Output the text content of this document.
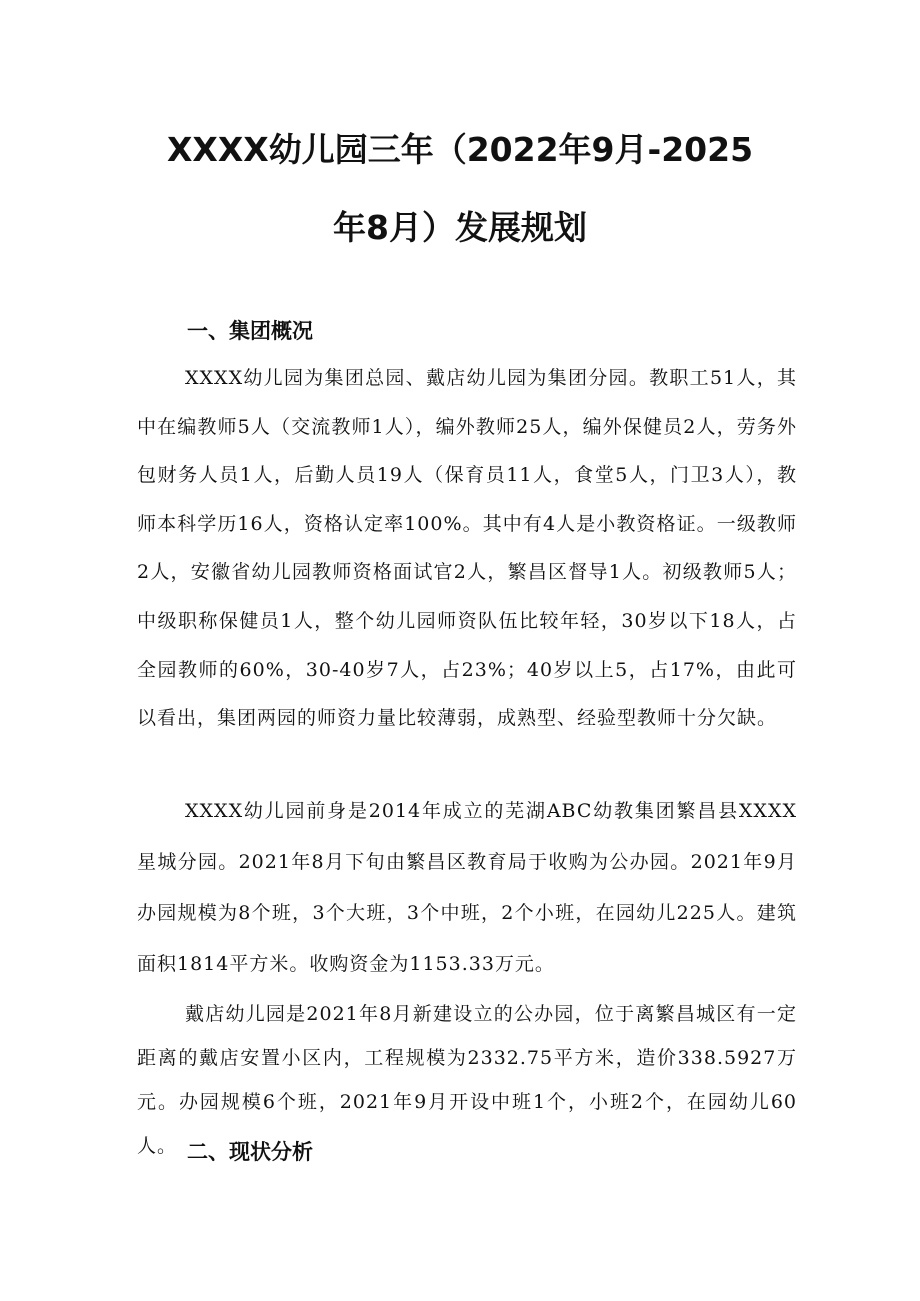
XXXX幼儿园三年（2022年9月-2025
年8月）发展规划
一、集团概况

XXXX幼儿园为集团总园、戴店幼儿园为集团分园。教职工51人，其中在编教师5人（交流教师1人），编外教师25人，编外保健员2人，劳务外包财务人员1人，后勤人员19人（保育员11人，食堂5人，门卫3人），教师本科学历16人，资格认定率100%。其中有4人是小教资格证。一级教师2人，安徽省幼儿园教师资格面试官2人，繁昌区督导1人。初级教师5人；中级职称保健员1人，整个幼儿园师资队伍比较年轻，30岁以下18人，占全园教师的60%，30-40岁7人，占23%；40岁以上5，占17%，由此可以看出，集团两园的师资力量比较薄弱，成熟型、经验型教师十分欠缺。

XXXX幼儿园前身是2014年成立的芜湖ABC幼教集团繁昌县XXXX星城分园。2021年8月下旬由繁昌区教育局于收购为公办园。2021年9月办园规模为8个班，3个大班，3个中班，2个小班，在园幼儿225人。建筑面积1814平方米。收购资金为1153.33万元。

戴店幼儿园是2021年8月新建设立的公办园，位于离繁昌城区有一定距离的戴店安置小区内，工程规模为2332.75平方米，造价338.5927万元。办园规模6个班，2021年9月开设中班1个，小班2个，在园幼儿60人。 二、现状分析
